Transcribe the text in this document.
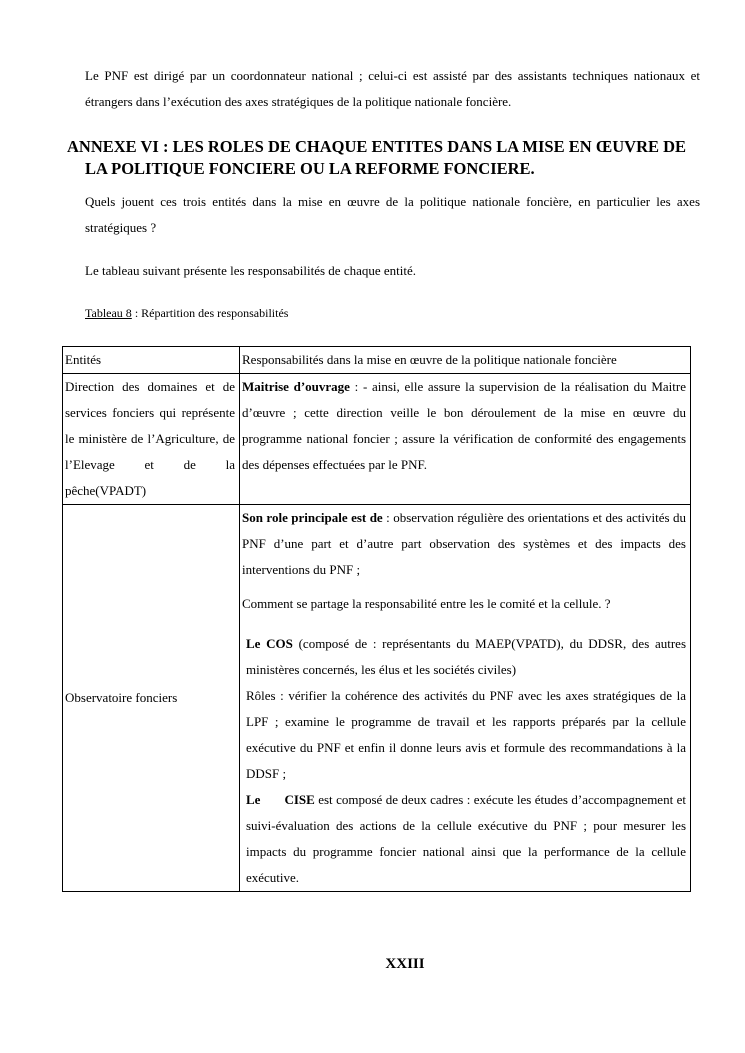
Le PNF est dirigé par un coordonnateur national ; celui-ci est assisté par des assistants techniques nationaux et étrangers dans l’exécution des axes stratégiques de la politique nationale foncière.

ANNEXE VI : LES ROLES DE CHAQUE ENTITES DANS LA MISE EN ŒUVRE DE
LA POLITIQUE FONCIERE OU LA REFORME FONCIERE.

Quels jouent ces trois entités dans la mise en œuvre de la politique nationale foncière, en particulier les axes stratégiques ?

Le tableau suivant présente les responsabilités de chaque entité.

Tableau 8 : Répartition des responsabilités

Entités	Responsabilités dans la mise en œuvre de la politique nationale foncière
Direction des domaines et de services fonciers qui représente le ministère de l’Agriculture, de l’Elevage et de la pêche(VPADT)	Maitrise d’ouvrage : - ainsi, elle assure la supervision de la réalisation du Maitre d’œuvre ; cette direction veille le bon déroulement de la mise en œuvre du programme national foncier ; assure la vérification de conformité des engagements des dépenses effectuées par le PNF.
Observatoire fonciers	Son role principale est de : observation régulière des orientations et des activités du PNF d’une part et d’autre part observation des systèmes et des impacts des interventions du PNF ;

Comment se partage la responsabilité entre les le comité et la cellule. ?

Le COS (composé de : représentants du MAEP(VPATD), du DDSR, des autres ministères concernés, les élus et les sociétés civiles)

Rôles : vérifier la cohérence des activités du PNF avec les axes stratégiques de la LPF ; examine le programme de travail et les rapports préparés par la cellule exécutive du PNF et enfin il donne leurs avis et formule des recommandations à la DDSF ;

Le CISE est composé de deux cadres : exécute les études d’accompagnement et suivi-évaluation des actions de la cellule exécutive du PNF ; pour mesurer les impacts du programme foncier national ainsi que la performance de la cellule exécutive.

XXIII
